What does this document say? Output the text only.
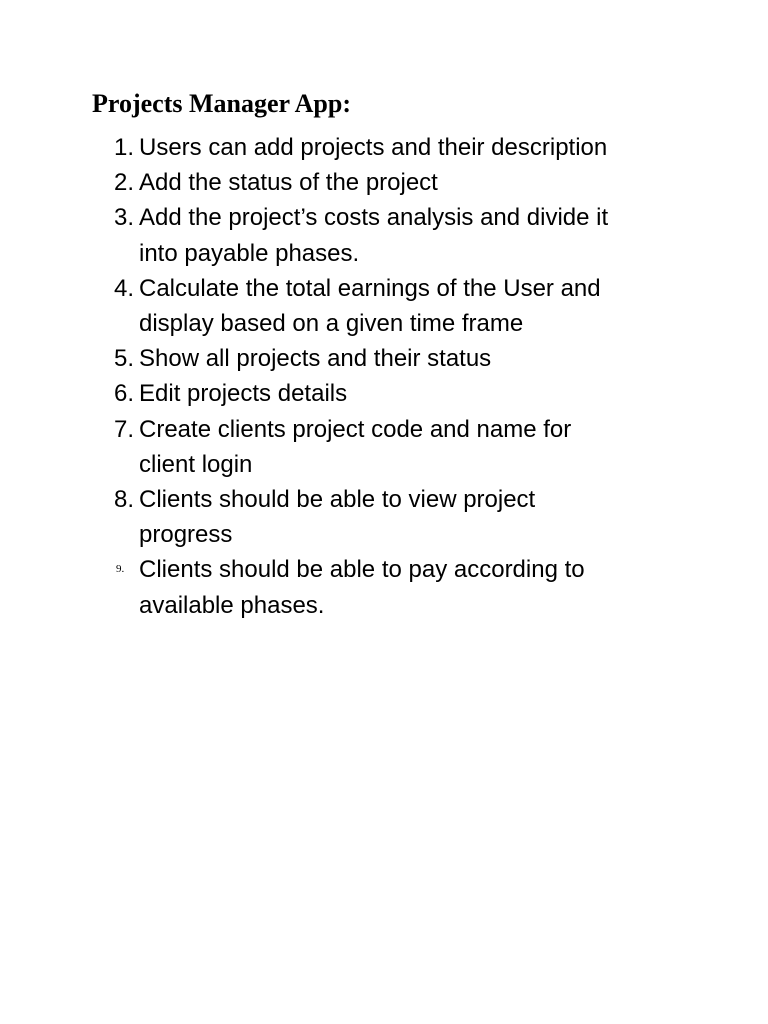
Projects Manager App:
1. Users can add projects and their description
2. Add the status of the project
3. Add the project’s costs analysis and divide it
into payable phases.
4. Calculate the total earnings of the User and
display based on a given time frame
5. Show all projects and their status
6. Edit projects details
7. Create clients project code and name for
client login
8. Clients should be able to view project
progress
9. Clients should be able to pay according to
available phases.
